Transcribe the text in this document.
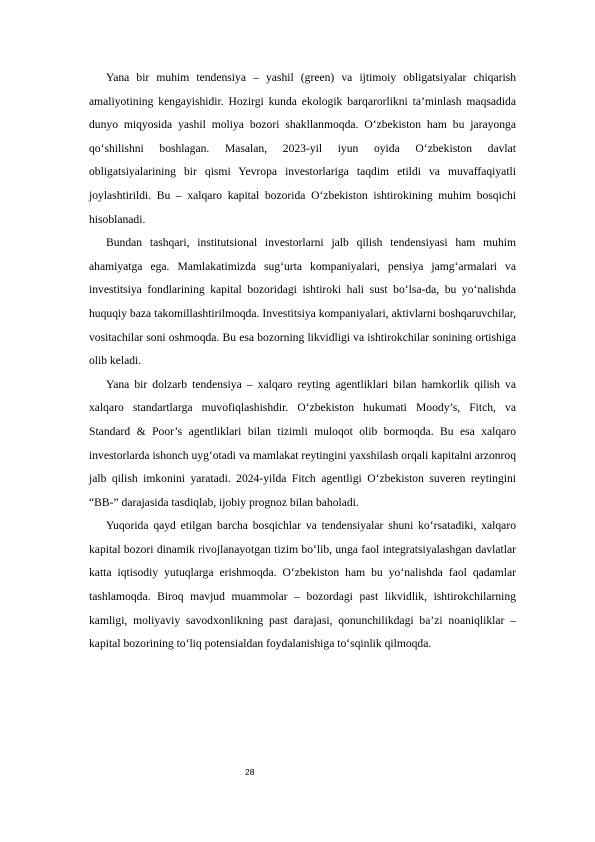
Yana bir muhim tendensiya – yashil (green) va ijtimoiy obligatsiyalar chiqarish amaliyotining kengayishidir. Hozirgi kunda ekologik barqarorlikni ta’minlash maqsadida dunyo miqyosida yashil moliya bozori shakllanmoqda. O‘zbekiston ham bu jarayonga qo‘shilishni boshlagan. Masalan, 2023-yil iyun oyida O‘zbekiston davlat obligatsiyalarining bir qismi Yevropa investorlariga taqdim etildi va muvaffaqiyatli joylashtirildi. Bu – xalqaro kapital bozorida O‘zbekiston ishtirokining muhim bosqichi hisoblanadi.

Bundan tashqari, institutsional investorlarni jalb qilish tendensiyasi ham muhim ahamiyatga ega. Mamlakatimizda sug‘urta kompaniyalari, pensiya jamg‘armalari va investitsiya fondlarining kapital bozoridagi ishtiroki hali sust bo‘lsa-da, bu yo‘nalishda huquqiy baza takomillashtirilmoqda. Investitsiya kompaniyalari, aktivlarni boshqaruvchilar, vositachilar soni oshmoqda. Bu esa bozorning likvidligi va ishtirokchilar sonining ortishiga olib keladi.

Yana bir dolzarb tendensiya – xalqaro reyting agentliklari bilan hamkorlik qilish va xalqaro standartlarga muvofiqlashishdir. O‘zbekiston hukumati Moody’s, Fitch, va Standard & Poor’s agentliklari bilan tizimli muloqot olib bormoqda. Bu esa xalqaro investorlarda ishonch uyg‘otadi va mamlakat reytingini yaxshilash orqali kapitalni arzonroq jalb qilish imkonini yaratadi. 2024-yilda Fitch agentligi O‘zbekiston suveren reytingini “BB-” darajasida tasdiqlab, ijobiy prognoz bilan baholadi.

Yuqorida qayd etilgan barcha bosqichlar va tendensiyalar shuni ko‘rsatadiki, xalqaro kapital bozori dinamik rivojlanayotgan tizim bo‘lib, unga faol integratsiyalashgan davlatlar katta iqtisodiy yutuqlarga erishmoqda. O‘zbekiston ham bu yo‘nalishda faol qadamlar tashlamoqda. Biroq mavjud muammolar – bozordagi past likvidlik, ishtirokchilarning kamligi, moliyaviy savodxonlikning past darajasi, qonunchilikdagi ba’zi noaniqliklar – kapital bozorining to‘liq potensialdan foydalanishiga to‘sqinlik qilmoqda.

28
